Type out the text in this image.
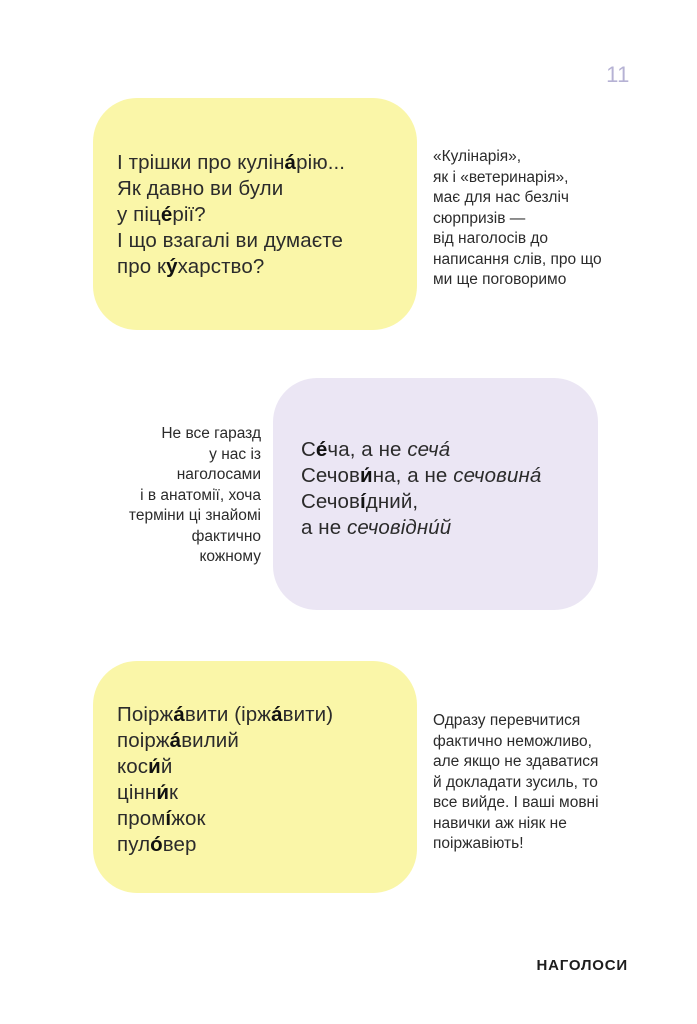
11
І трішки про кулінáрію...
Як давно ви були
у піцéрії?
І що взагалі ви думаєте
про кýхарство?
«Кулінарія»,
як і «ветеринарія»,
має для нас безліч
сюрпризів —
від наголосів до
написання слів, про що
ми ще поговоримо
Не все гаразд
у нас із
наголосами
і в анатомії, хоча
терміни ці знайомі
фактично
кожному
Сéча, а не сечá
Сечови́на, а не сечовинá
Сечовíдний,
а не сечовідни́й
Поіржáвити (іржáвити)
поіржáвилий
коси́й
цінни́к
промíжок
пулóвер
Одразу перевчитися
фактично неможливо,
але якщо не здаватися
й докладати зусиль, то
все вийде. І ваші мовні
навички аж ніяк не
поіржавіють!
НАГОЛОСИ
